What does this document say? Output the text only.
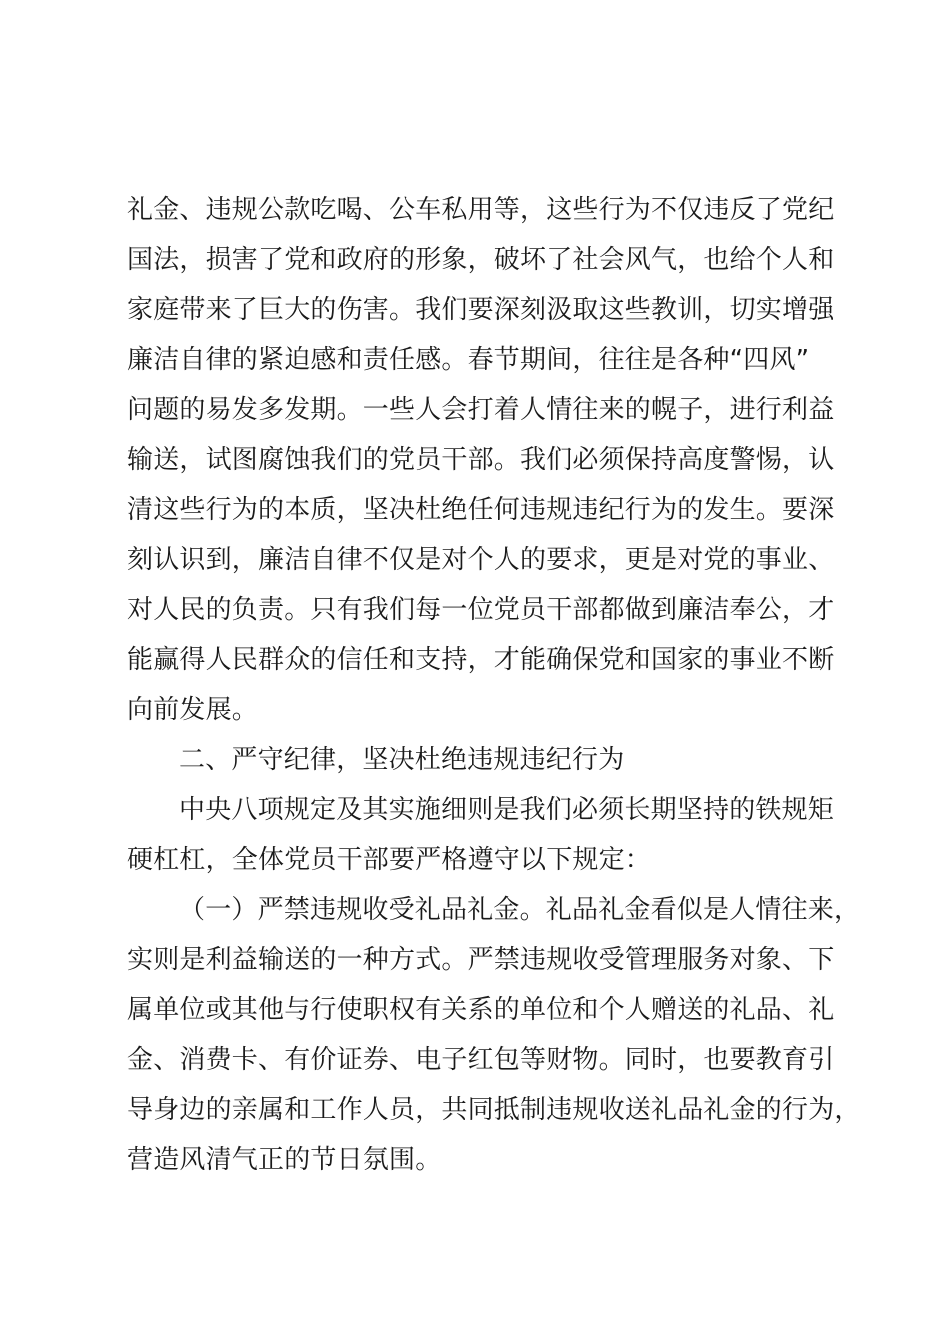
礼金、违规公款吃喝、公车私用等，这些行为不仅违反了党纪
国法，损害了党和政府的形象，破坏了社会风气，也给个人和
家庭带来了巨大的伤害。我们要深刻汲取这些教训，切实增强
廉洁自律的紧迫感和责任感。春节期间，往往是各种“四风”
问题的易发多发期。一些人会打着人情往来的幌子，进行利益
输送，试图腐蚀我们的党员干部。我们必须保持高度警惕，认
清这些行为的本质，坚决杜绝任何违规违纪行为的发生。要深
刻认识到，廉洁自律不仅是对个人的要求，更是对党的事业、
对人民的负责。只有我们每一位党员干部都做到廉洁奉公，才
能赢得人民群众的信任和支持，才能确保党和国家的事业不断
向前发展。
二、严守纪律，坚决杜绝违规违纪行为
中央八项规定及其实施细则是我们必须长期坚持的铁规矩
硬杠杠，全体党员干部要严格遵守以下规定：
（一）严禁违规收受礼品礼金。礼品礼金看似是人情往来，
实则是利益输送的一种方式。严禁违规收受管理服务对象、下
属单位或其他与行使职权有关系的单位和个人赠送的礼品、礼
金、消费卡、有价证券、电子红包等财物。同时，也要教育引
导身边的亲属和工作人员，共同抵制违规收送礼品礼金的行为，
营造风清气正的节日氛围。
